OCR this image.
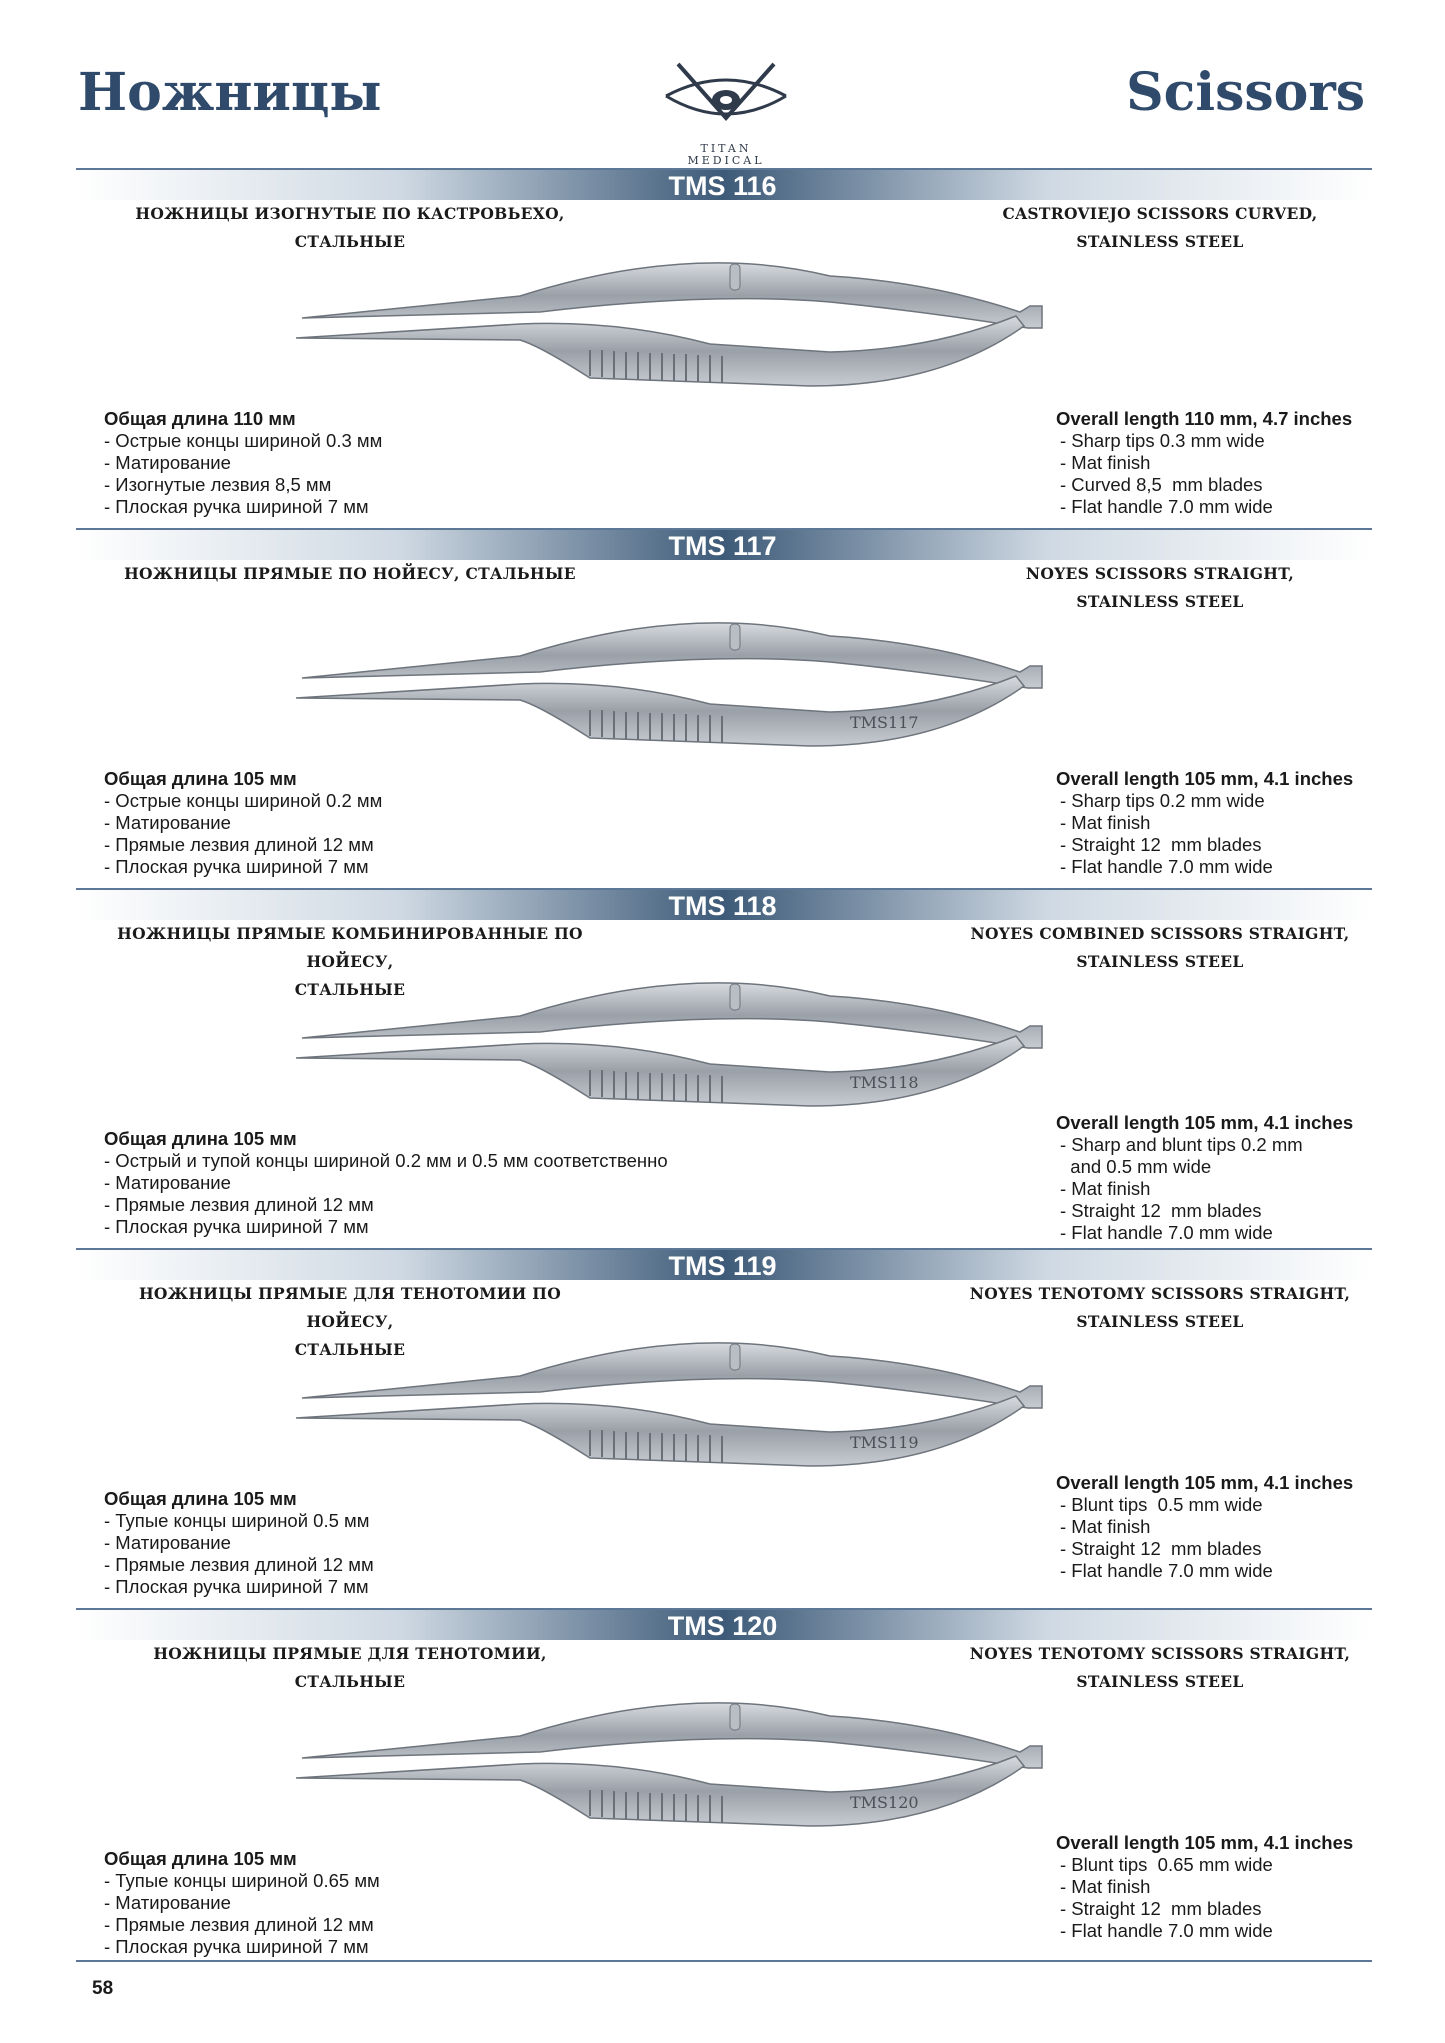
Ножницы	Scissors
TITAN
MEDICAL
TMS 116
НОЖНИЦЫ ИЗОГНУТЫЕ ПО КАСТРОВЬЕХО,
СТАЛЬНЫЕ
CASTROVIEJO SCISSORS CURVED,
STAINLESS STEEL
Общая длина 110 мм
- Острые концы шириной 0.3 мм
- Матирование
- Изогнутые лезвия 8,5 мм
- Плоская ручка шириной 7 мм
Overall length 110 mm, 4.7 inches
- Sharp tips 0.3 mm wide
- Mat finish
- Curved 8,5  mm blades
- Flat handle 7.0 mm wide
TMS 117
НОЖНИЦЫ ПРЯМЫЕ ПО НОЙЕСУ, СТАЛЬНЫЕ	NOYES SCISSORS STRAIGHT,
STAINLESS STEEL
TMS117
Общая длина 105 мм
- Острые концы шириной 0.2 мм
- Матирование
- Прямые лезвия длиной 12 мм
- Плоская ручка шириной 7 мм
Overall length 105 mm, 4.1 inches
- Sharp tips 0.2 mm wide
- Mat finish
- Straight 12  mm blades
- Flat handle 7.0 mm wide
TMS 118
НОЖНИЦЫ ПРЯМЫЕ КОМБИНИРОВАННЫЕ ПО НОЙЕСУ,
СТАЛЬНЫЕ
NOYES COMBINED SCISSORS STRAIGHT,
STAINLESS STEEL
TMS118
Общая длина 105 мм
- Острый и тупой концы шириной 0.2 мм и 0.5 мм соответственно
- Матирование
- Прямые лезвия длиной 12 мм
- Плоская ручка шириной 7 мм
Overall length 105 mm, 4.1 inches
- Sharp and blunt tips 0.2 mm
and 0.5 mm wide
- Mat finish
- Straight 12  mm blades
- Flat handle 7.0 mm wide
TMS 119
НОЖНИЦЫ ПРЯМЫЕ ДЛЯ ТЕНОТОМИИ ПО НОЙЕСУ,
СТАЛЬНЫЕ
NOYES TENOTOMY SCISSORS STRAIGHT,
STAINLESS STEEL
TMS119
Общая длина 105 мм
- Тупые концы шириной 0.5 мм
- Матирование
- Прямые лезвия длиной 12 мм
- Плоская ручка шириной 7 мм
Overall length 105 mm, 4.1 inches
- Blunt tips  0.5 mm wide
- Mat finish
- Straight 12  mm blades
- Flat handle 7.0 mm wide
TMS 120
НОЖНИЦЫ ПРЯМЫЕ ДЛЯ ТЕНОТОМИИ, СТАЛЬНЫЕ
NOYES TENOTOMY SCISSORS STRAIGHT,
STAINLESS STEEL
TMS120
Общая длина 105 мм
- Тупые концы шириной 0.65 мм
- Матирование
- Прямые лезвия длиной 12 мм
- Плоская ручка шириной 7 мм
Overall length 105 mm, 4.1 inches
- Blunt tips  0.65 mm wide
- Mat finish
- Straight 12  mm blades
- Flat handle 7.0 mm wide
58
